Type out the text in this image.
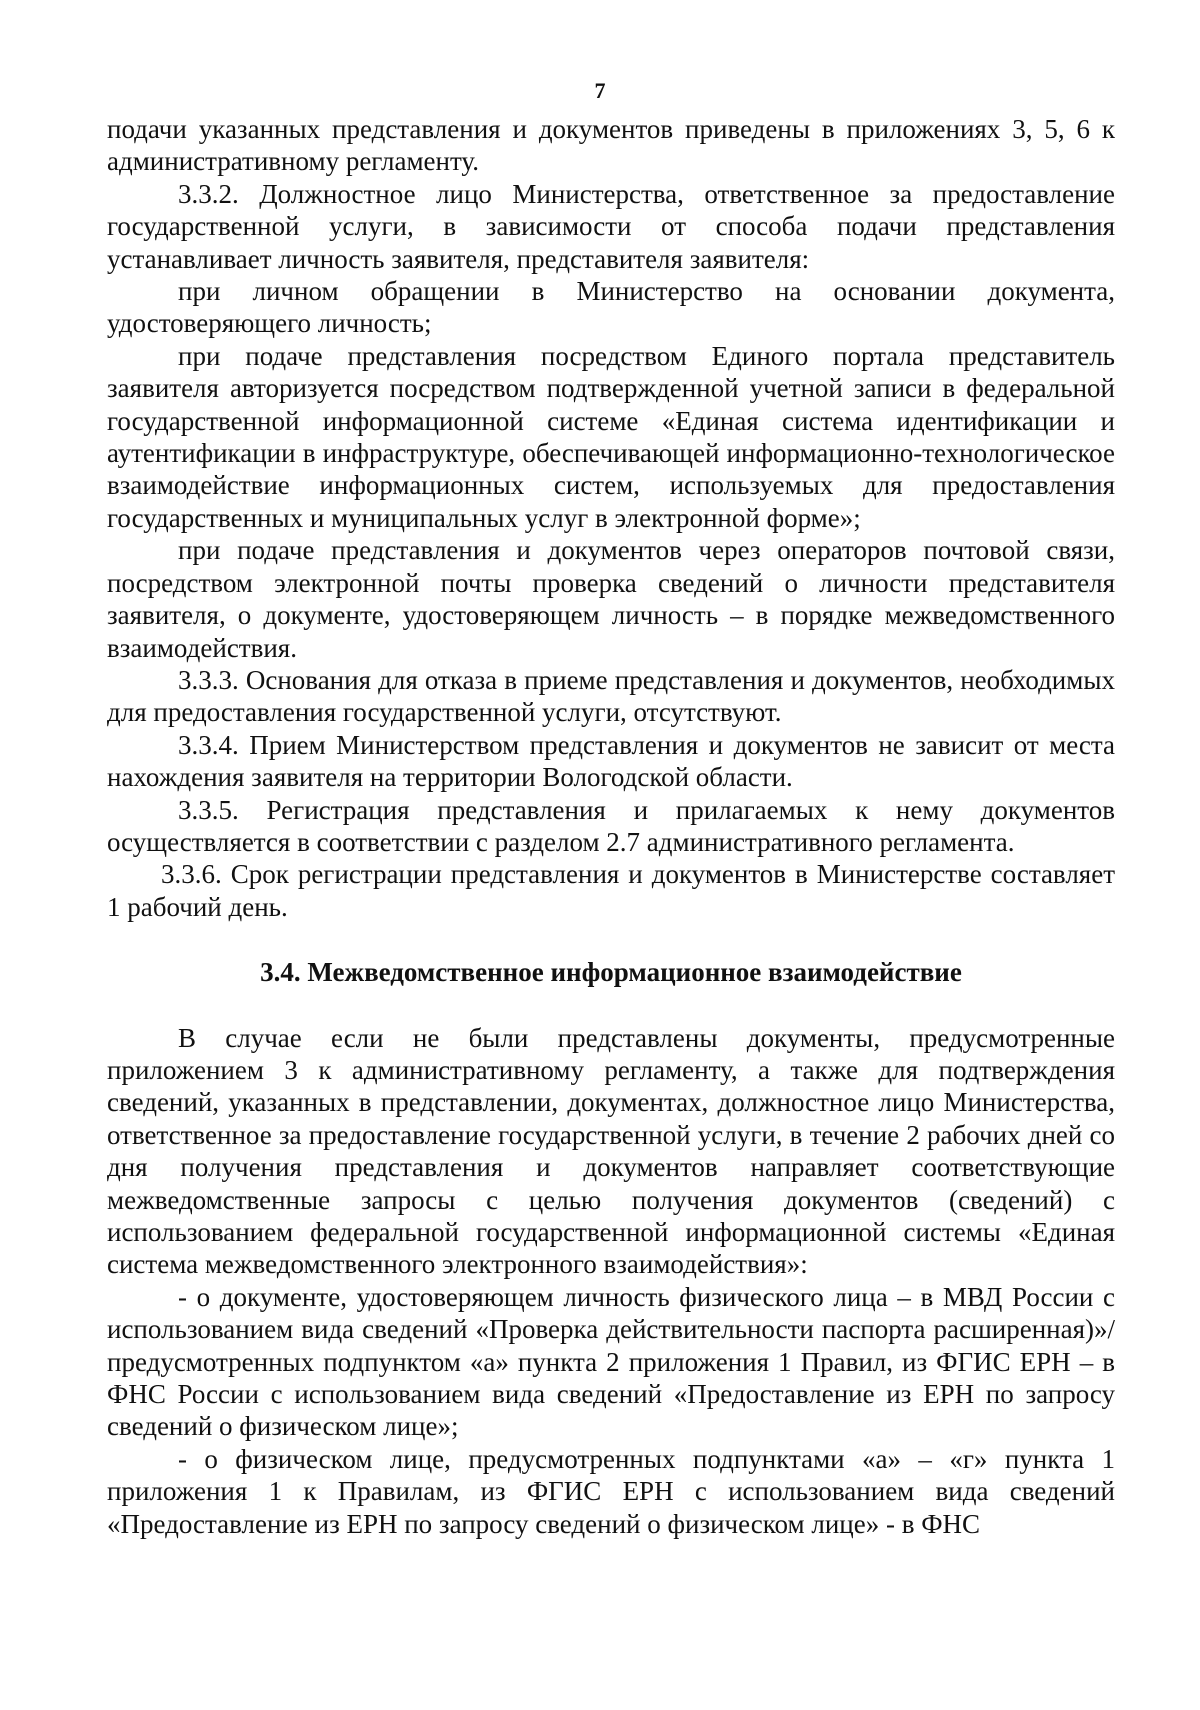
7

подачи указанных представления и документов приведены в приложениях 3, 5, 6 к административному регламенту.

3.3.2. Должностное лицо Министерства, ответственное за предоставление государственной услуги, в зависимости от способа подачи представления устанавливает личность заявителя, представителя заявителя:

при личном обращении в Министерство на основании документа, удостоверяющего личность;

при подаче представления посредством Единого портала представитель заявителя авторизуется посредством подтвержденной учетной записи в федеральной государственной информационной системе «Единая система идентификации и аутентификации в инфраструктуре, обеспечивающей информационно-технологическое взаимодействие информационных систем, используемых для предоставления государственных и муниципальных услуг в электронной форме»;

при подаче представления и документов через операторов почтовой связи, посредством электронной почты проверка сведений о личности представителя заявителя, о документе, удостоверяющем личность – в порядке межведомственного взаимодействия.

3.3.3. Основания для отказа в приеме представления и документов, необходимых для предоставления государственной услуги, отсутствуют.

3.3.4. Прием Министерством представления и документов не зависит от места нахождения заявителя на территории Вологодской области.

3.3.5. Регистрация представления и прилагаемых к нему документов осуществляется в соответствии с разделом 2.7 административного регламента.

3.3.6. Срок регистрации представления и документов в Министерстве составляет 1 рабочий день.

3.4. Межведомственное информационное взаимодействие

В случае если не были представлены документы, предусмотренные приложением 3 к административному регламенту, а также для подтверждения сведений, указанных в представлении, документах, должностное лицо Министерства, ответственное за предоставление государственной услуги, в течение 2 рабочих дней со дня получения представления и документов направляет соответствующие межведомственные запросы с целью получения документов (сведений) с использованием федеральной государственной информационной системы «Единая система межведомственного электронного взаимодействия»:

- о документе, удостоверяющем личность физического лица – в МВД России с использованием вида сведений «Проверка действительности паспорта расширенная)»/ предусмотренных подпунктом «а» пункта 2 приложения 1 Правил, из ФГИС ЕРН – в ФНС России с использованием вида сведений «Предоставление из ЕРН по запросу сведений о физическом лице»;

- о физическом лице, предусмотренных подпунктами «а» – «г» пункта 1 приложения 1 к Правилам, из ФГИС ЕРН с использованием вида сведений «Предоставление из ЕРН по запросу сведений о физическом лице» - в ФНС
